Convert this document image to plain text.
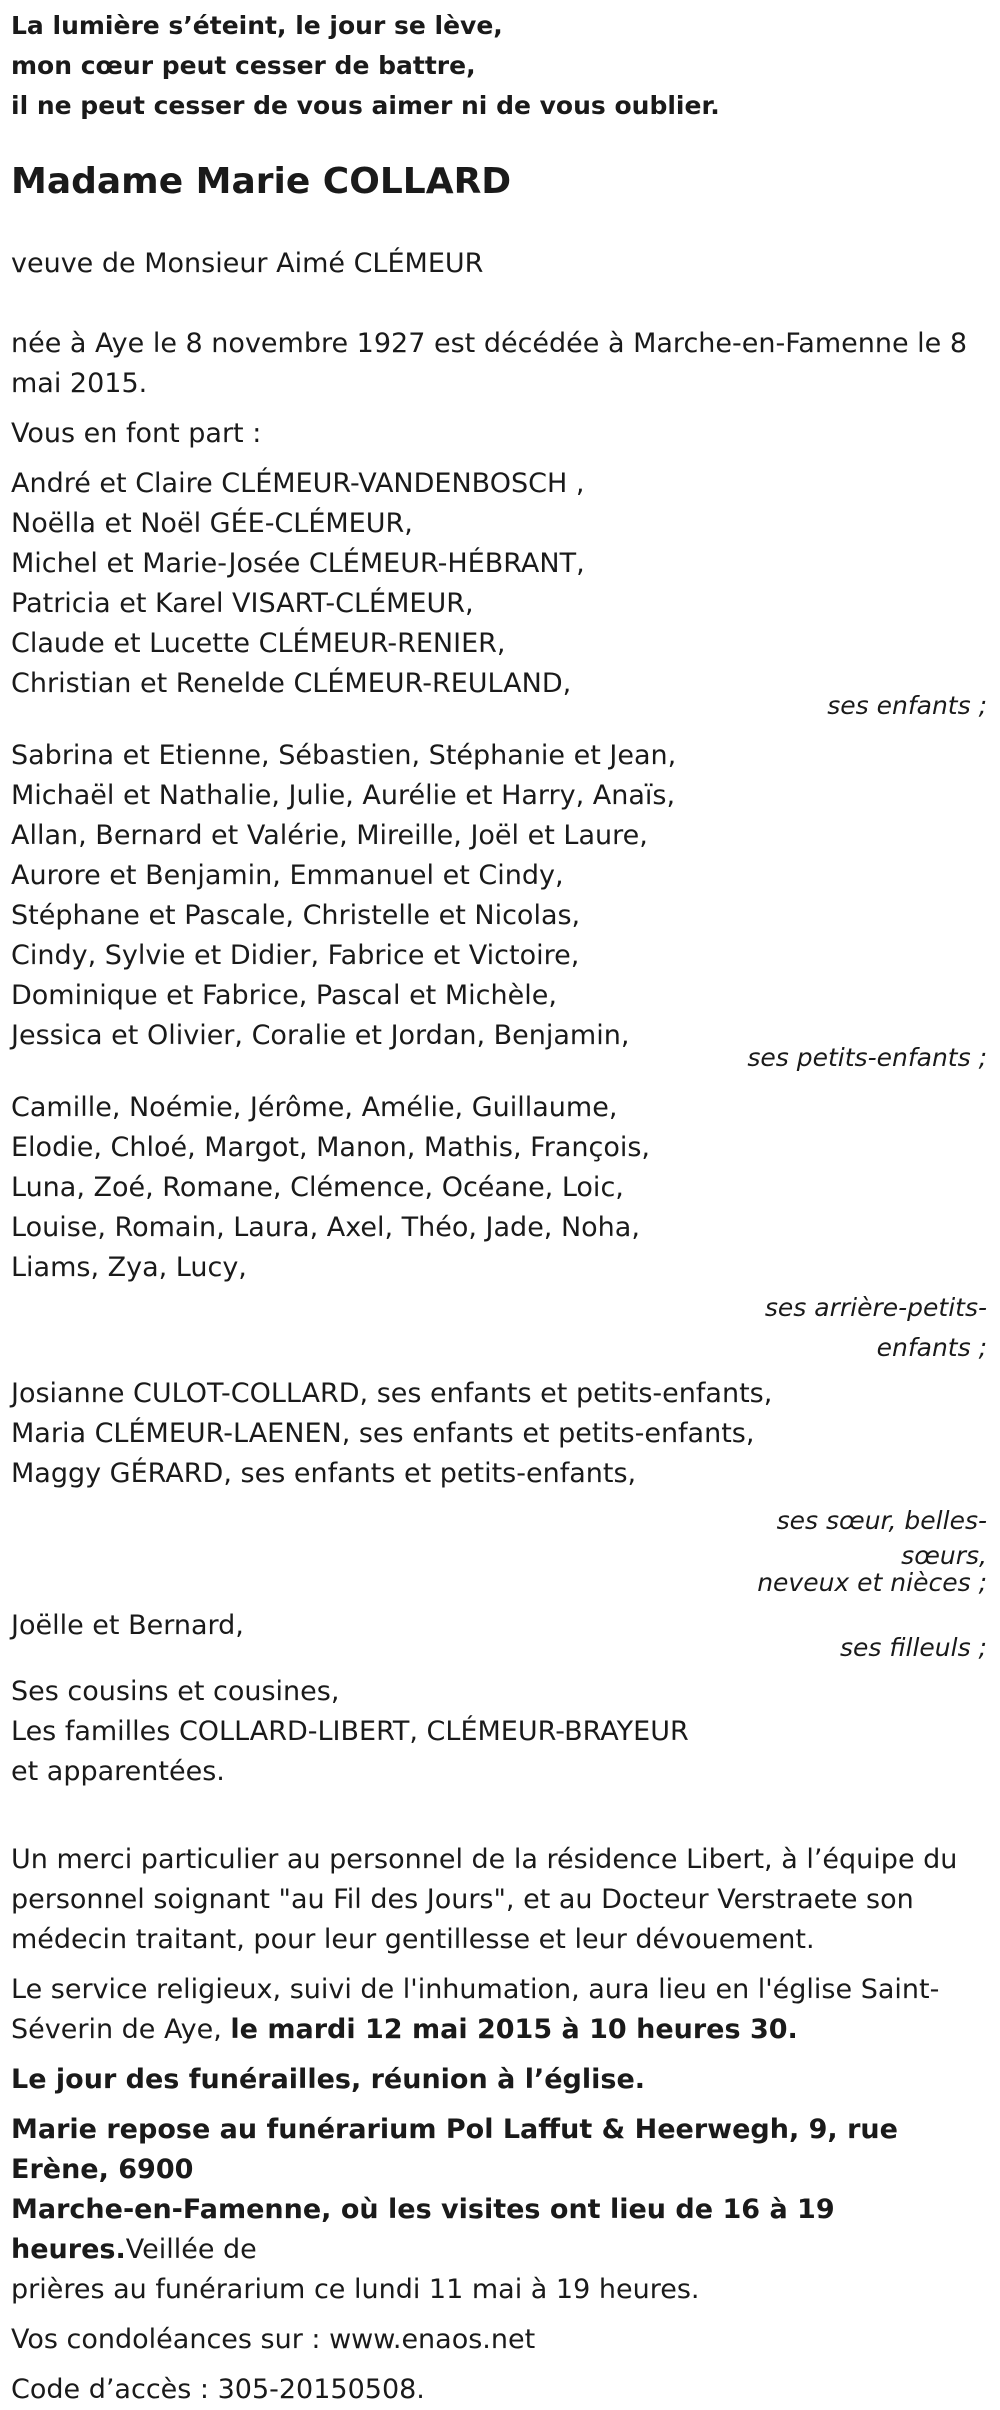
La lumière s’éteint, le jour se lève,
mon cœur peut cesser de battre,
il ne peut cesser de vous aimer ni de vous oublier.
Madame Marie COLLARD
veuve de Monsieur Aimé CLÉMEUR
née à Aye le 8 novembre 1927 est décédée à Marche-en-Famenne le 8
mai 2015.
Vous en font part :
André et Claire CLÉMEUR-VANDENBOSCH ,
Noëlla et Noël GÉE-CLÉMEUR,
Michel et Marie-Josée CLÉMEUR-HÉBRANT,
Patricia et Karel VISART-CLÉMEUR,
Claude et Lucette CLÉMEUR-RENIER,
Christian et Renelde CLÉMEUR-REULAND,
ses enfants ;
Sabrina et Etienne, Sébastien, Stéphanie et Jean,
Michaël et Nathalie, Julie, Aurélie et Harry, Anaïs,
Allan, Bernard et Valérie, Mireille, Joël et Laure,
Aurore et Benjamin, Emmanuel et Cindy,
Stéphane et Pascale, Christelle et Nicolas,
Cindy, Sylvie et Didier, Fabrice et Victoire,
Dominique et Fabrice, Pascal et Michèle,
Jessica et Olivier, Coralie et Jordan, Benjamin,
ses petits-enfants ;
Camille, Noémie, Jérôme, Amélie, Guillaume,
Elodie, Chloé, Margot, Manon, Mathis, François,
Luna, Zoé, Romane, Clémence, Océane, Loic,
Louise, Romain, Laura, Axel, Théo, Jade, Noha,
Liams, Zya, Lucy,
ses arrière-petits-
enfants ;
Josianne CULOT-COLLARD, ses enfants et petits-enfants,
Maria CLÉMEUR-LAENEN, ses enfants et petits-enfants,
Maggy GÉRARD, ses enfants et petits-enfants,
ses sœur, belles-
sœurs,
neveux et nièces ;
Joëlle et Bernard,
ses filleuls ;
Ses cousins et cousines,
Les familles COLLARD-LIBERT, CLÉMEUR-BRAYEUR
et apparentées.
Un merci particulier au personnel de la résidence Libert, à l’équipe du
personnel soignant "au Fil des Jours", et au Docteur Verstraete son
médecin traitant, pour leur gentillesse et leur dévouement.
Le service religieux, suivi de l'inhumation, aura lieu en l'église Saint-
Séverin de Aye, le mardi 12 mai 2015 à 10 heures 30.
Le jour des funérailles, réunion à l’église.
Marie repose au funérarium Pol Laffut & Heerwegh, 9, rue Erène, 6900
Marche-en-Famenne, où les visites ont lieu de 16 à 19 heures.Veillée de
prières au funérarium ce lundi 11 mai à 19 heures.
Vos condoléances sur : www.enaos.net
Code d’accès : 305-20150508.
